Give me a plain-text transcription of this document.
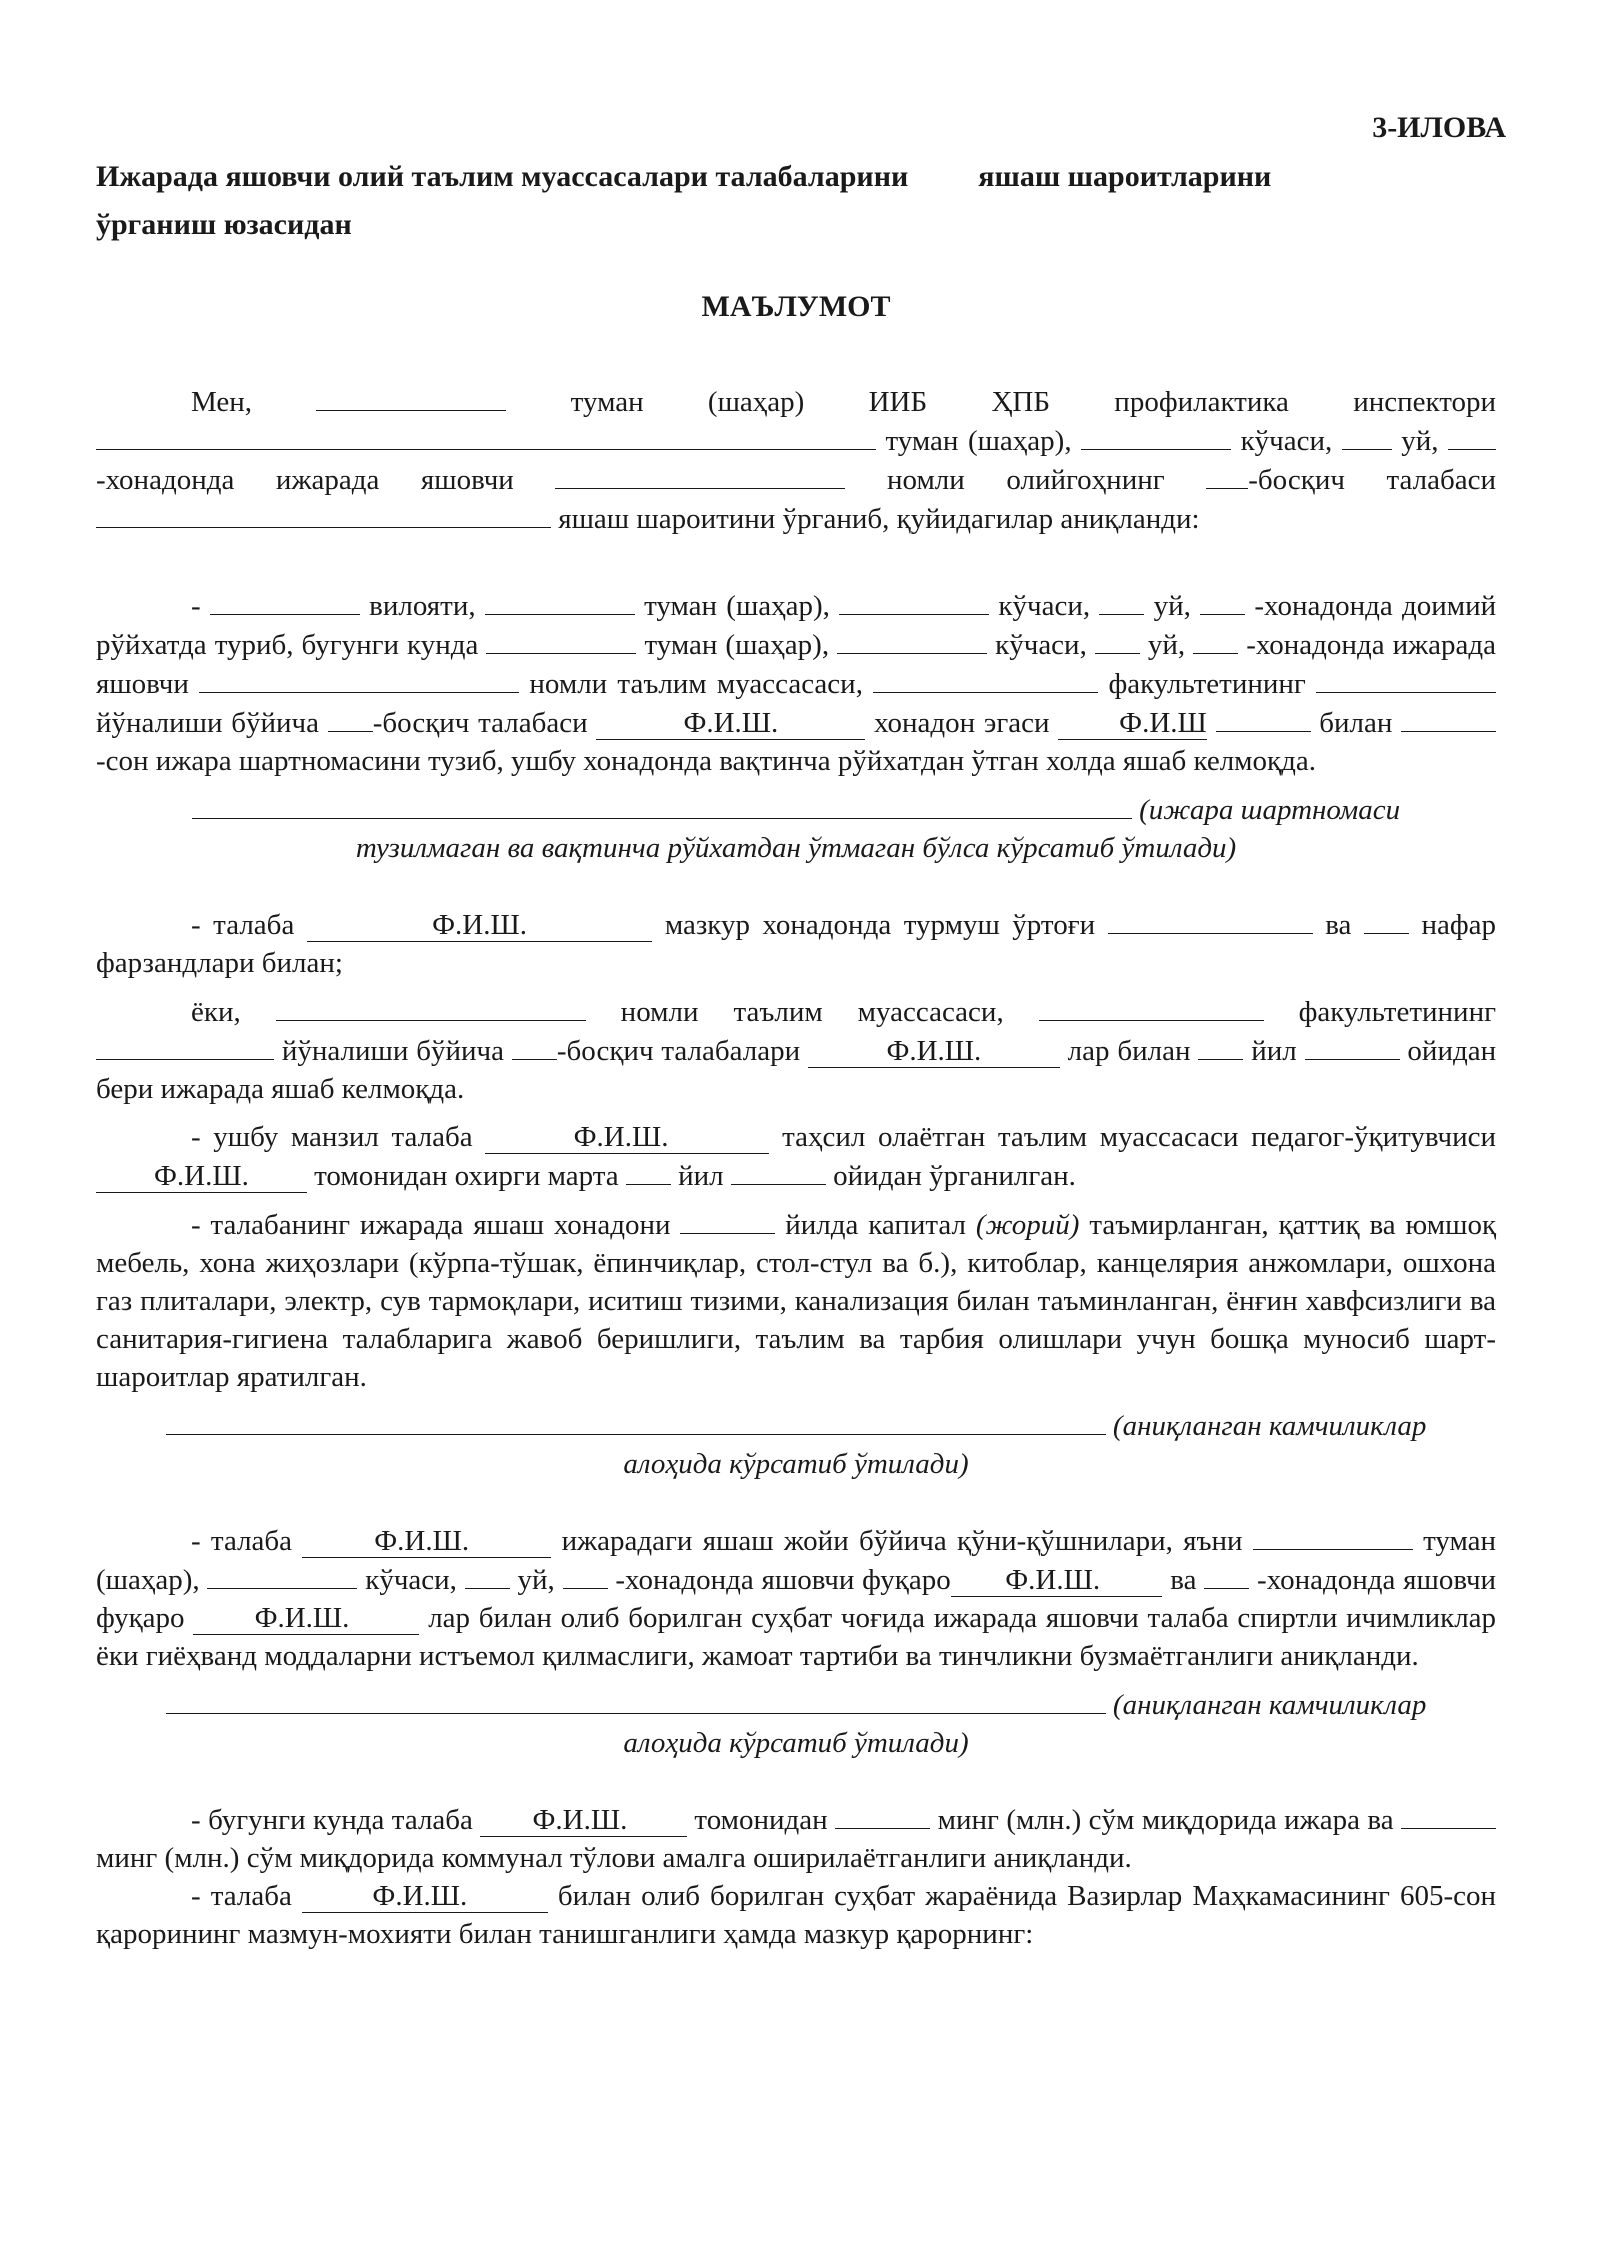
3-ИЛОВА
Ижарада яшовчи олий таълим муассасалари талабаларини яшаш шароитларини
ўрганиш юзасидан
МАЪЛУМОТ

Мен,	туман (шаҳар) ИИБ ҲПБ профилактика инспектори  туман (шаҳар),	кўчаси, уй,  -хонадонда ижарада яшовчи	номли олийгоҳнинг	-босқич талабаси  яшаш шароитини ўрганиб, қуйидагилар аниқланди:

-	вилояти,	туман (шаҳар),	кўчаси, уй, -хонадонда доимий рўйхатда туриб, бугунги кунда	туман (шаҳар),	кўчаси, уй, -хонадонда ижарада яшовчи	номли таълим муассасаси,	факультетининг  йўналиши бўйича -босқич талабаси	Ф.И.Ш.	хонадон эгаси Ф.И.Ш	билан  -сон ижара шартномасини тузиб, ушбу хонадонда вақтинча рўйхатдан ўтган холда яшаб келмоқда.

(ижара шартномаси
тузилмаган ва вақтинча рўйхатдан ўтмаган бўлса кўрсатиб ўтилади)

- талаба	Ф.И.Ш.	мазкур хонадонда турмуш ўртоғи	ва нафар фарзандлари билан;

ёки,	номли таълим муассасаси,	факультетининг  йўналиши бўйича -босқич талабалари	Ф.И.Ш.	лар билан йил	ойидан бери ижарада яшаб келмоқда.

- ушбу манзил талаба	Ф.И.Ш.	таҳсил олаётган таълим муассасаси педагог-ўқитувчиси         Ф.И.Ш. томонидан охирги марта йил	ойидан ўрганилган.

- талабанинг ижарада яшаш хонадони	йилда капитал (жорий) таъмирланган, қаттиқ ва юмшоқ мебель, хона жиҳозлари (кўрпа-тўшак, ёпинчиқлар, стол-стул ва б.), китоблар, канцелярия анжомлари, ошхона газ плиталари, электр, сув тармоқлари, иситиш тизими, канализация билан таъминланган, ёнғин хавфсизлиги ва санитария-гигиена талабларига жавоб беришлиги, таълим ва тарбия олишлари учун бошқа муносиб шарт-шароитлар яратилган.

(аниқланган камчиликлар
алоҳида кўрсатиб ўтилади)

- талаба	Ф.И.Ш.	ижарадаги яшаш жойи бўйича қўни-қўшнилари, яъни	туман (шаҳар),	кўчаси, уй, -хонадонда яшовчи фуқаро Ф.И.Ш. ва -хонадонда яшовчи фуқаро Ф.И.Ш.	лар билан олиб борилган суҳбат чоғида ижарада яшовчи талаба спиртли ичимликлар ёки гиёҳванд моддаларни истъемол қилмаслиги, жамоат тартиби ва тинчликни бузмаётганлиги аниқланди.

(аниқланган камчиликлар
алоҳида кўрсатиб ўтилади)

- бугунги кунда талаба Ф.И.Ш. томонидан	минг (млн.) сўм миқдорида ижара ва  минг (млн.) сўм миқдорида коммунал тўлови амалга оширилаётганлиги аниқланди.

- талаба	Ф.И.Ш.	билан олиб борилган суҳбат жараёнида Вазирлар Маҳкамасининг 605-сон қарорининг мазмун-мохияти билан танишганлиги ҳамда мазкур қарорнинг:
